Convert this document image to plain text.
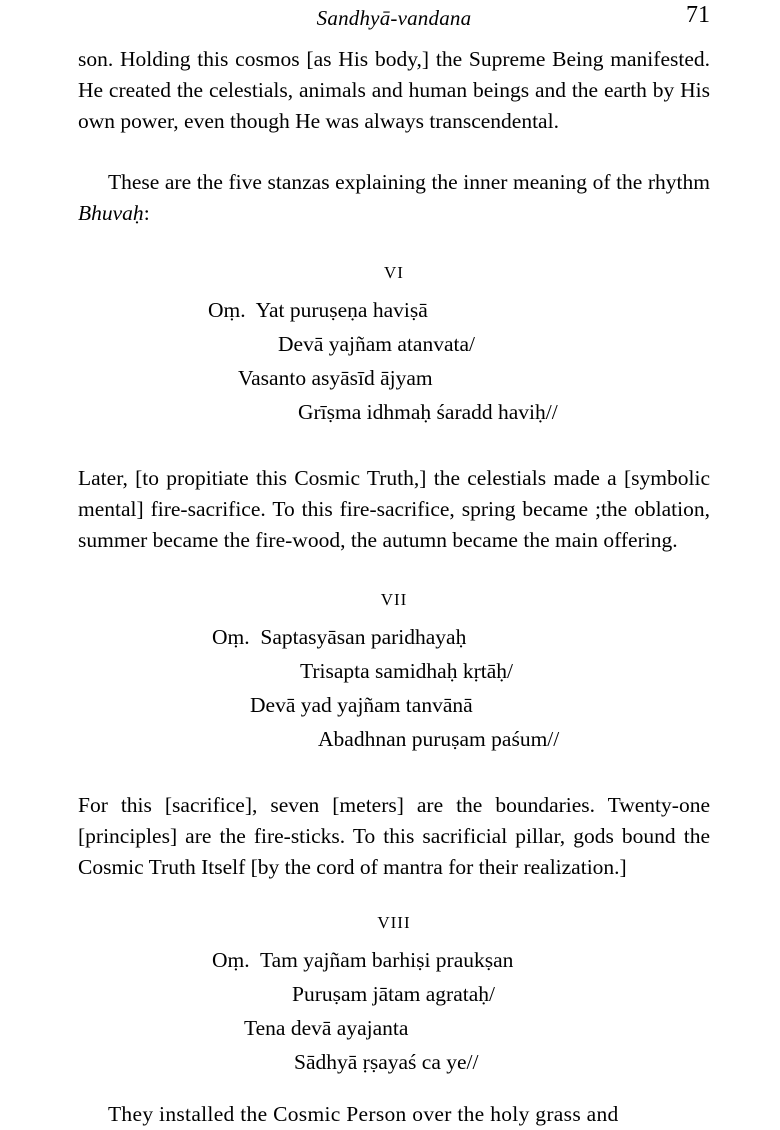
Sandhyā-vandana	71

son. Holding this cosmos [as His body,] the Supreme Being manifested. He created the celestials, animals and human beings and the earth by His own power, even though He was always transcendental.

These are the five stanzas explaining the inner meaning of the rhythm Bhuvaḥ:

VI
Oṃ.  Yat puruṣeṇa haviṣā
Devā yajñam atanvata/
Vasanto asyāsīd ājyam
Grīṣma idhmaḥ śaradd haviḥ//

Later, [to propitiate this Cosmic Truth,] the celestials made a [symbolic mental] fire-sacrifice. To this fire-sacrifice, spring became ;the oblation, summer became the fire-wood, the autumn became the main offering.

VII
Oṃ.  Saptasyāsan paridhayaḥ
Trisapta samidhaḥ kṛtāḥ/
Devā yad yajñam tanvānā
Abadhnan puruṣam paśum//

For this [sacrifice], seven [meters] are the boundaries. Twenty-one [principles] are the fire-sticks. To this sacrificial pillar, gods bound the Cosmic Truth Itself [by the cord of mantra for their realization.]

VIII
Oṃ.  Tam yajñam barhiṣi praukṣan
Puruṣam jātam agrataḥ/
Tena devā ayajanta
Sādhyā ṛṣayaś ca ye//
They installed the Cosmic Person over the holy grass and
